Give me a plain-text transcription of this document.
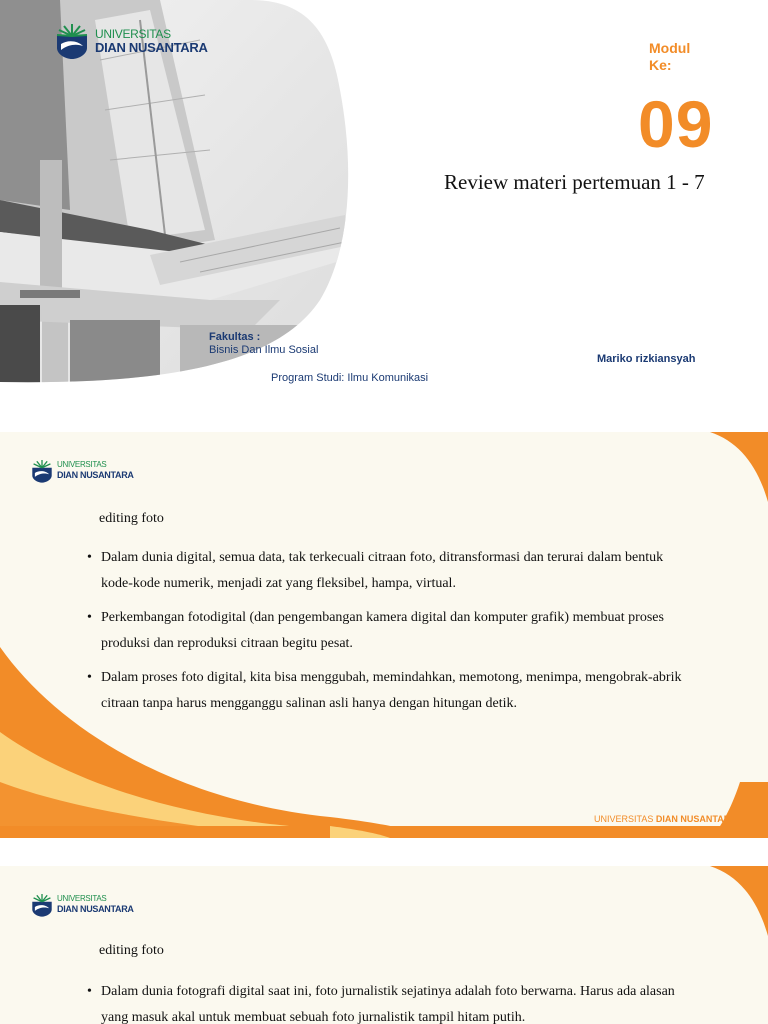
UNIVERSITAS
DIAN NUSANTARA	Modul Ke:
09
Review materi pertemuan 1 - 7
Fakultas :
Bisnis Dan Ilmu Sosial
Program Studi: Ilmu Komunikasi
Mariko rizkiansyah
UNIVERSITAS
DIAN NUSANTARA
editing foto
• Dalam dunia digital, semua data, tak terkecuali citraan foto, ditransformasi dan terurai dalam bentuk kode-kode numerik, menjadi zat yang fleksibel, hampa, virtual.
• Perkembangan fotodigital (dan pengembangan kamera digital dan komputer grafik) membuat proses produksi dan reproduksi citraan begitu pesat.
• Dalam proses foto digital, kita bisa menggubah, memindahkan, memotong, menimpa, mengobrak-abrik citraan tanpa harus mengganggu salinan asli hanya dengan hitungan detik.
UNIVERSITAS DIAN NUSANTARA
UNIVERSITAS
DIAN NUSANTARA
editing foto
• Dalam dunia fotografi digital saat ini, foto jurnalistik sejatinya adalah foto berwarna. Harus ada alasan yang masuk akal untuk membuat sebuah foto jurnalistik tampil hitam putih.
